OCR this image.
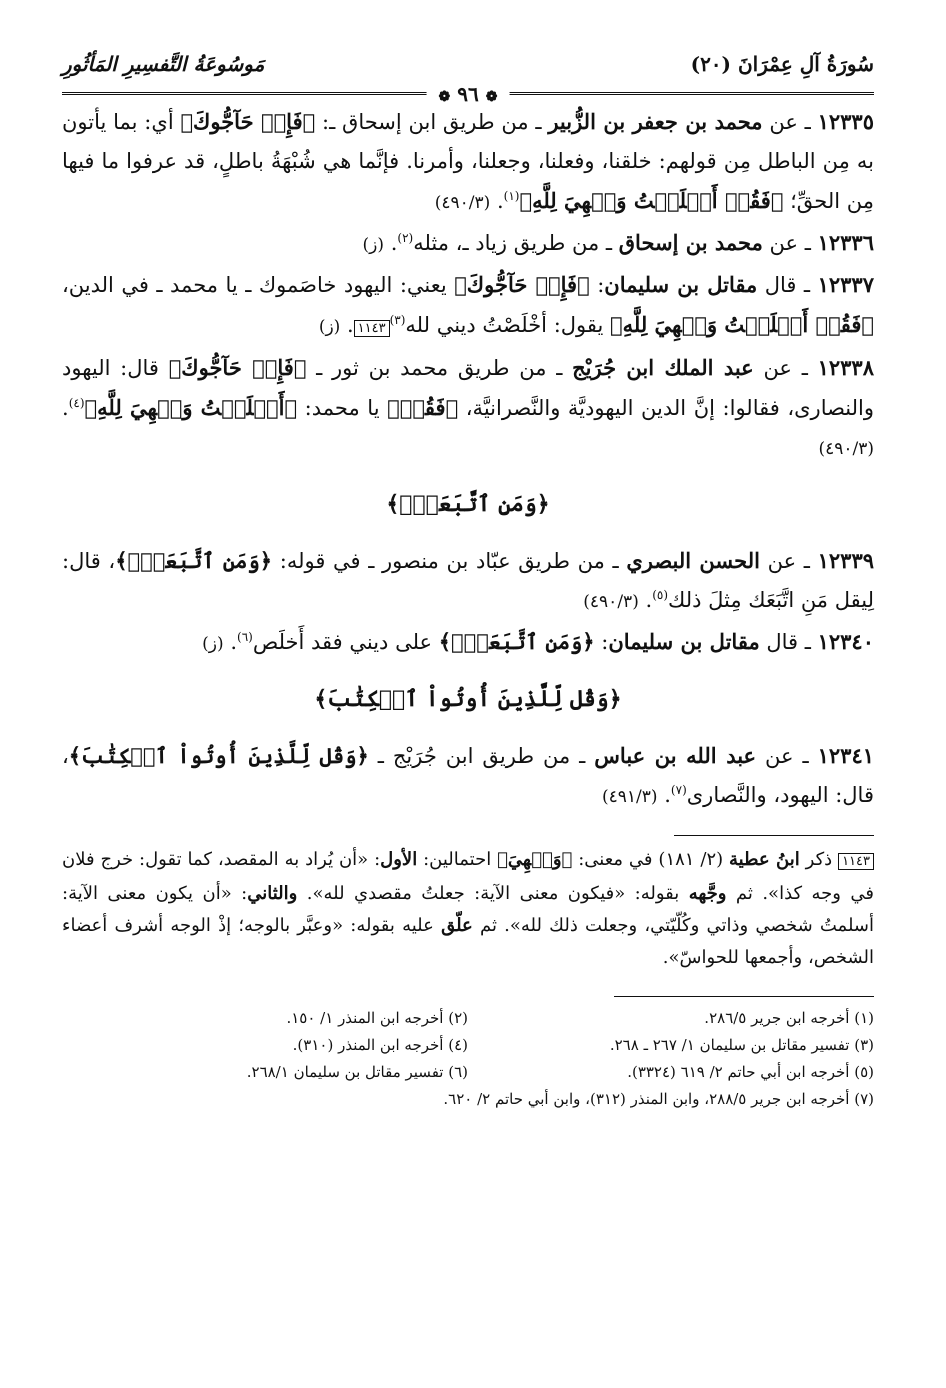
سُورَةُ آلِ عِمْرَانَ (٢٠)
مَوسُوعَةُ التَّفسِيرِ المَأثُورِ
❁ ٩٦ ❁

١٢٣٣٥ ـ عن محمد بن جعفر بن الزُّبير ـ من طريق ابن إسحاق ـ: ﴿فَإِنۡ حَآجُّوكَ﴾ أي: بما يأتون به مِن الباطل مِن قولهم: خلقنا، وفعلنا، وجعلنا، وأمرنا. فإنَّما هي شُبْهَةُ باطلٍ، قد عرفوا ما فيها مِن الحقِّ؛ ﴿فَقُلۡ أَسۡلَمۡتُ وَجۡهِيَ لِلَّهِ﴾$^{(١)}$. (٤٩٠/٣)

١٢٣٣٦ ـ عن محمد بن إسحاق ـ من طريق زياد ـ، مثله$^{(٢)}$. (ز)

١٢٣٣٧ ـ قال مقاتل بن سليمان: ﴿فَإِنۡ حَآجُّوكَ﴾ يعني: اليهود خاصَموك ـ يا محمد ـ في الدين، ﴿فَقُلۡ أَسۡلَمۡتُ وَجۡهِيَ لِلَّهِ﴾ يقول: أخْلَصْتُ ديني لله$^{(٣)}$١١٤٣. (ز)

١٢٣٣٨ ـ عن عبد الملك ابن جُرَيْج ـ من طريق محمد بن ثور ـ ﴿فَإِنۡ حَآجُّوكَ﴾ قال: اليهود والنصارى، فقالوا: إنَّ الدين اليهوديَّة والنَّصرانيَّة، ﴿فَقُلۡ﴾ يا محمد: ﴿أَسۡلَمۡتُ وَجۡهِيَ لِلَّهِ﴾$^{(٤)}$. (٤٩٠/٣)

﴿وَمَنِ ٱتَّبَعَنِۗ﴾

١٢٣٣٩ ـ عن الحسن البصري ـ من طريق عبّاد بن منصور ـ في قوله: ﴿وَمَنِ ٱتَّبَعَنِۗ﴾، قال: لِيقل مَنِ اتَّبَعَك مِثلَ ذلك$^{(٥)}$. (٤٩٠/٣)

١٢٣٤٠ ـ قال مقاتل بن سليمان: ﴿وَمَنِ ٱتَّبَعَنِۗ﴾ على ديني فقد أَخلَص$^{(٦)}$. (ز)

﴿وَقُل لِّلَّذِينَ أُوتُواْ ٱلۡكِتَٰبَ﴾

١٢٣٤١ ـ عن عبد الله بن عباس ـ من طريق ابن جُرَيْج ـ ﴿وَقُل لِّلَّذِينَ أُوتُواْ ٱلۡكِتَٰبَ﴾، قال: اليهود، والنَّصارى$^{(٧)}$. (٤٩١/٣)

١١٤٣ ذكر ابنُ عطية (٢/ ١٨١) في معنى: ﴿وَجۡهِيَ﴾ احتمالين: الأول: «أن يُراد به المقصد، كما تقول: خرج فلان في وجه كذا». ثم وجَّهه بقوله: «فيكون معنى الآية: جعلتُ مقصدي لله». والثاني: «أن يكون معنى الآية: أسلمتُ شخصي وذاتي وكُلّيّتي، وجعلت ذلك لله». ثم علّق عليه بقوله: «وعبَّر بالوجه؛ إذْ الوجه أشرف أعضاء الشخص، وأجمعها للحواسّ».

(١) أخرجه ابن جرير ٢٨٦/٥.
(٢) أخرجه ابن المنذر ١/ ١٥٠.
(٣) تفسير مقاتل بن سليمان ١/ ٢٦٧ ـ ٢٦٨.
(٤) أخرجه ابن المنذر (٣١٠).
(٥) أخرجه ابن أبي حاتم ٢/ ٦١٩ (٣٣٢٤).
(٦) تفسير مقاتل بن سليمان ٢٦٨/١.
(٧) أخرجه ابن جرير ٢٨٨/٥، وابن المنذر (٣١٢)، وابن أبي حاتم ٢/ ٦٢٠.
